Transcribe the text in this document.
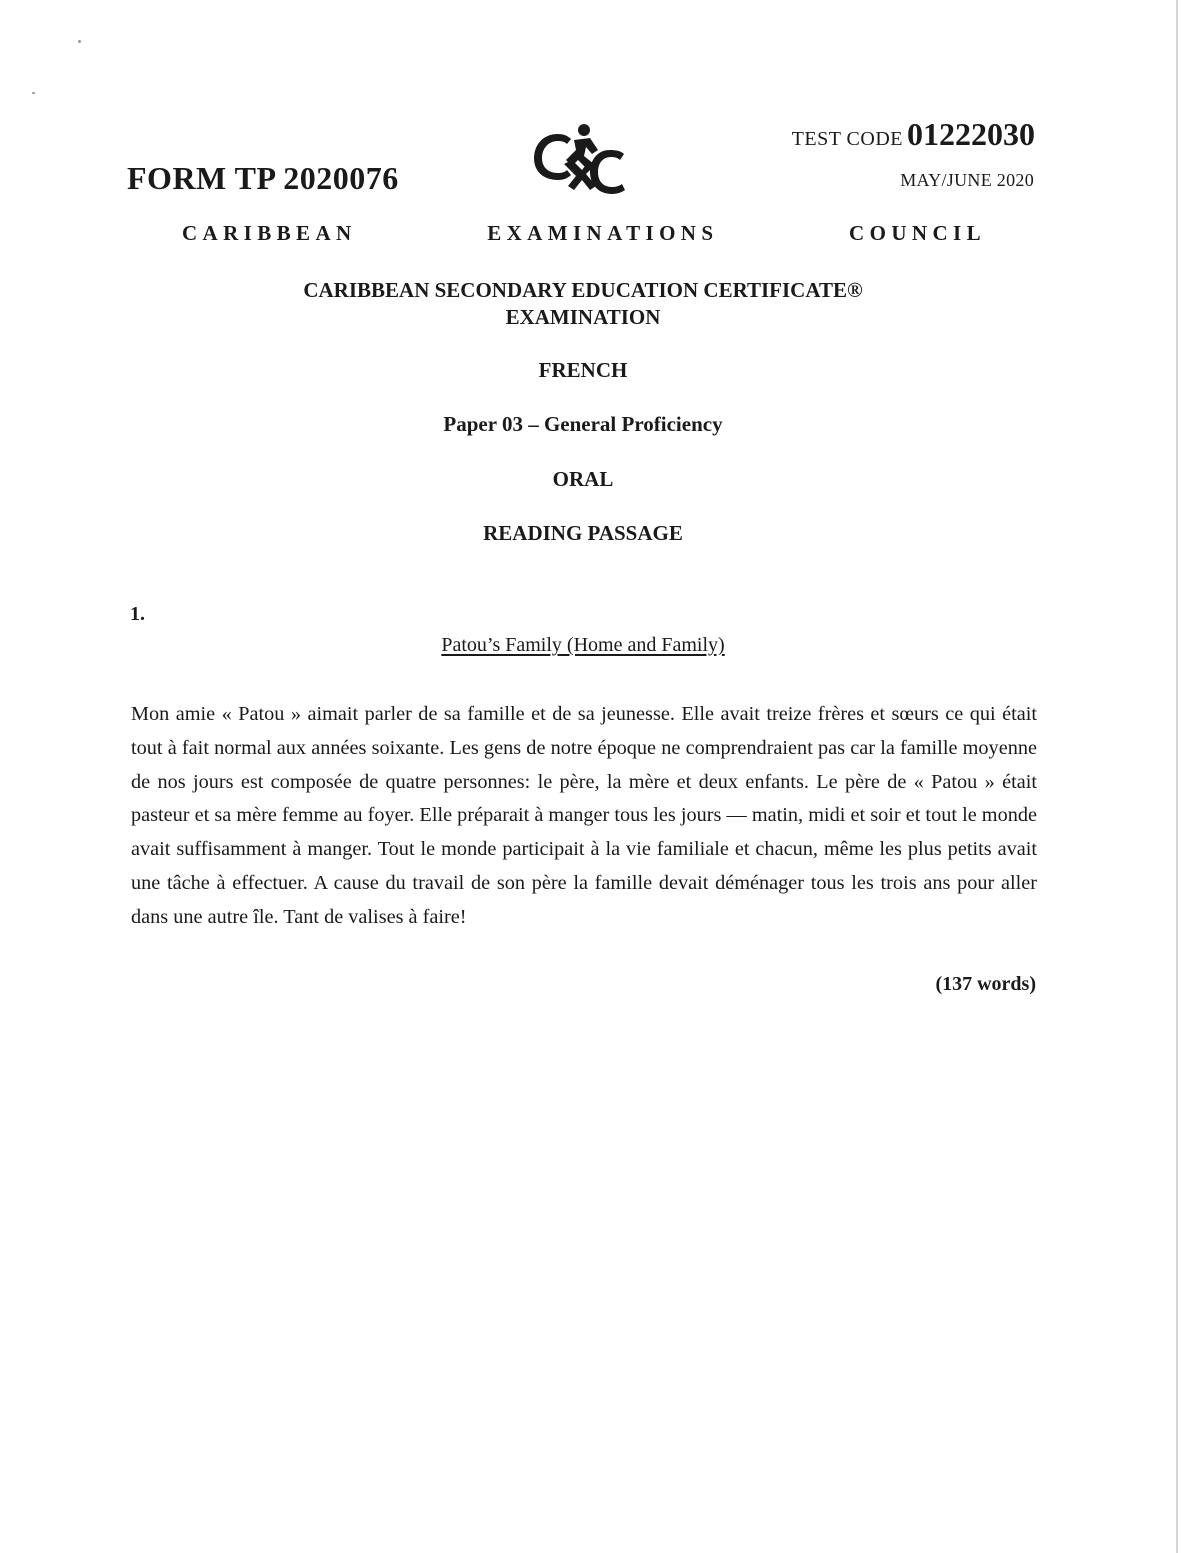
FORM TP 2020076
TEST CODE 01222030
MAY/JUNE 2020
CARIBBEAN    EXAMINATIONS    COUNCIL
CARIBBEAN SECONDARY EDUCATION CERTIFICATE®
EXAMINATION
FRENCH
Paper 03 – General Proficiency
ORAL
READING PASSAGE
1.
Patou’s Family (Home and Family)

Mon amie « Patou » aimait parler de sa famille et de sa jeunesse. Elle avait treize frères et sœurs ce qui était tout à fait normal aux années soixante. Les gens de notre époque ne comprendraient pas car la famille moyenne de nos jours est composée de quatre personnes: le père, la mère et deux enfants. Le père de « Patou » était pasteur et sa mère femme au foyer. Elle préparait à manger tous les jours — matin, midi et soir et tout le monde avait suffisamment à manger. Tout le monde participait à la vie familiale et chacun, même les plus petits avait une tâche à effectuer. A cause du travail de son père la famille devait déménager tous les trois ans pour aller dans une autre île. Tant de valises à faire!

(137 words)
